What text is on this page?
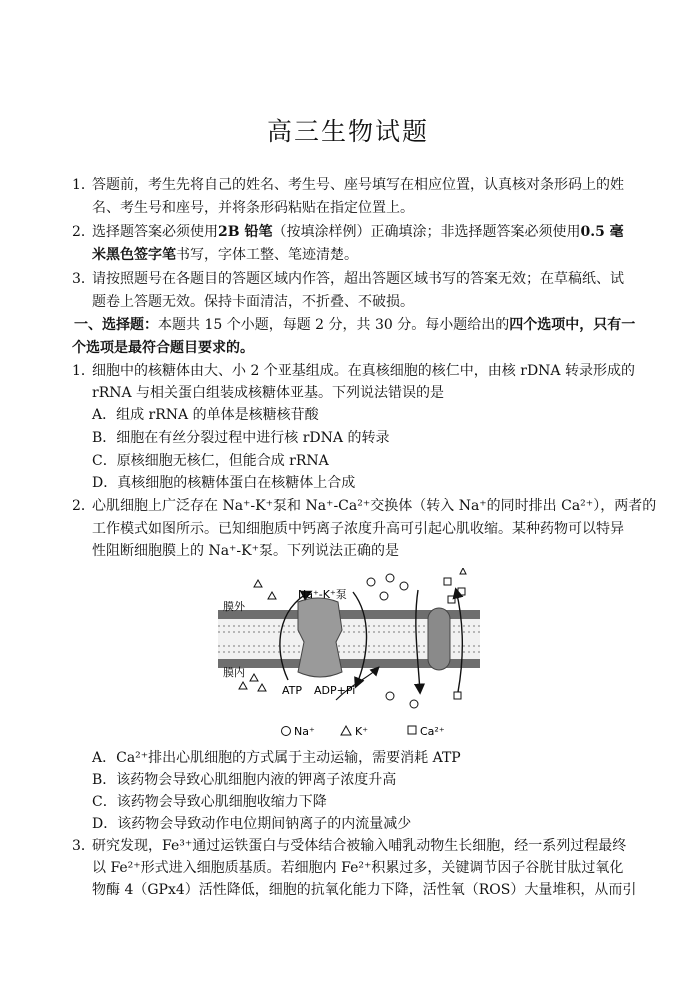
高三生物试题
1．
答题前，考生先将自己的姓名、考生号、座号填写在相应位置，认真核对条形码上的姓
名、考生号和座号，并将条形码粘贴在指定位置上。
2．
选择题答案必须使用2B 铅笔（按填涂样例）正确填涂；非选择题答案必须使用0.5 毫
米黑色签字笔书写，字体工整、笔迹清楚。
3．
请按照题号在各题目的答题区域内作答，超出答题区域书写的答案无效；在草稿纸、试
题卷上答题无效。保持卡面清洁，不折叠、不破损。
一、选择题：本题共 15 个小题，每题 2 分，共 30 分。每小题给出的四个选项中，只有一
个选项是最符合题目要求的。
1．
细胞中的核糖体由大、小 2 个亚基组成。在真核细胞的核仁中，由核 rDNA 转录形成的
rRNA 与相关蛋白组装成核糖体亚基。下列说法错误的是
A．组成 rRNA 的单体是核糖核苷酸
B．细胞在有丝分裂过程中进行核 rDNA 的转录
C．原核细胞无核仁，但能合成 rRNA
D．真核细胞的核糖体蛋白在核糖体上合成
2．
心肌细胞上广泛存在 Na⁺-K⁺泵和 Na⁺-Ca²⁺交换体（转入 Na⁺的同时排出 Ca²⁺），两者的
工作模式如图所示。已知细胞质中钙离子浓度升高可引起心肌收缩。某种药物可以特异
性阻断细胞膜上的 Na⁺-K⁺泵。下列说法正确的是
膜外
膜内
Na⁺-K⁺泵
ATP ADP+Pi
Na⁺	K⁺	Ca²⁺
A．Ca²⁺排出心肌细胞的方式属于主动运输，需要消耗 ATP
B．该药物会导致心肌细胞内液的钾离子浓度升高
C．该药物会导致心肌细胞收缩力下降
D．该药物会导致动作电位期间钠离子的内流量减少
3．
研究发现，Fe³⁺通过运铁蛋白与受体结合被输入哺乳动物生长细胞，经一系列过程最终
以 Fe²⁺形式进入细胞质基质。若细胞内 Fe²⁺积累过多，关键调节因子谷胱甘肽过氧化
物酶 4（GPx4）活性降低，细胞的抗氧化能力下降，活性氧（ROS）大量堆积，从而引
